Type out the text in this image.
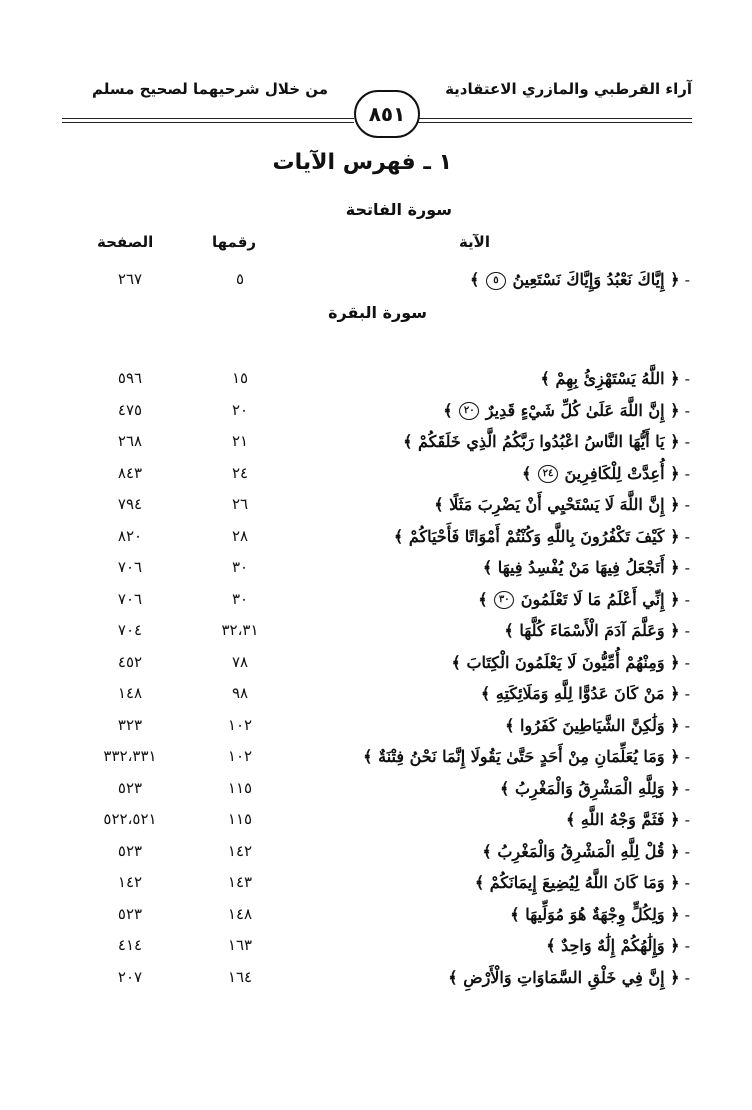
آراء القرطبي والمازري الاعتقادية
من خلال شرحيهما لصحيح مسلم
٨٥١
١ ـ فهرس الآيات
سورة الفاتحة
الآية
رقمها
الصفحة
- ﴿ إِيَّاكَ نَعْبُدُ وَإِيَّاكَ نَسْتَعِينُ ٥ ﴾
٥
٢٦٧
سورة البقرة
- ﴿ اللَّهُ يَسْتَهْزِئُ بِهِمْ ﴾
١٥
٥٩٦
- ﴿ إِنَّ اللَّهَ عَلَىٰ كُلِّ شَيْءٍ قَدِيرٌ ٢٠ ﴾
٢٠
٤٧٥
- ﴿ يَا أَيُّهَا النَّاسُ اعْبُدُوا رَبَّكُمُ الَّذِي خَلَقَكُمْ ﴾
٢١
٢٦٨
- ﴿ أُعِدَّتْ لِلْكَافِرِينَ ٢٤ ﴾
٢٤
٨٤٣
- ﴿ إِنَّ اللَّهَ لَا يَسْتَحْيِي أَنْ يَضْرِبَ مَثَلًا ﴾
٢٦
٧٩٤
- ﴿ كَيْفَ تَكْفُرُونَ بِاللَّهِ وَكُنْتُمْ أَمْوَاتًا فَأَحْيَاكُمْ ﴾
٢٨
٨٢٠
- ﴿ أَتَجْعَلُ فِيهَا مَنْ يُفْسِدُ فِيهَا ﴾
٣٠
٧٠٦
- ﴿ إِنِّي أَعْلَمُ مَا لَا تَعْلَمُونَ ٣٠ ﴾
٣٠
٧٠٦
- ﴿ وَعَلَّمَ آدَمَ الْأَسْمَاءَ كُلَّهَا ﴾
٣٢،٣١
٧٠٤
- ﴿ وَمِنْهُمْ أُمِّيُّونَ لَا يَعْلَمُونَ الْكِتَابَ ﴾
٧٨
٤٥٢
- ﴿ مَنْ كَانَ عَدُوًّا لِلَّهِ وَمَلَائِكَتِهِ ﴾
٩٨
١٤٨
- ﴿ وَلَٰكِنَّ الشَّيَاطِينَ كَفَرُوا ﴾
١٠٢
٣٢٣
- ﴿ وَمَا يُعَلِّمَانِ مِنْ أَحَدٍ حَتَّىٰ يَقُولَا إِنَّمَا نَحْنُ فِتْنَةٌ ﴾
١٠٢
٣٣٢،٣٣١
- ﴿ وَلِلَّهِ الْمَشْرِقُ وَالْمَغْرِبُ ﴾
١١٥
٥٢٣
- ﴿ فَثَمَّ وَجْهُ اللَّهِ ﴾
١١٥
٥٢٢،٥٢١
- ﴿ قُلْ لِلَّهِ الْمَشْرِقُ وَالْمَغْرِبُ ﴾
١٤٢
٥٢٣
- ﴿ وَمَا كَانَ اللَّهُ لِيُضِيعَ إِيمَانَكُمْ ﴾
١٤٣
١٤٢
- ﴿ وَلِكُلٍّ وِجْهَةٌ هُوَ مُوَلِّيهَا ﴾
١٤٨
٥٢٣
- ﴿ وَإِلَٰهُكُمْ إِلَٰهٌ وَاحِدٌ ﴾
١٦٣
٤١٤
- ﴿ إِنَّ فِي خَلْقِ السَّمَاوَاتِ وَالْأَرْضِ ﴾
١٦٤
٢٠٧
